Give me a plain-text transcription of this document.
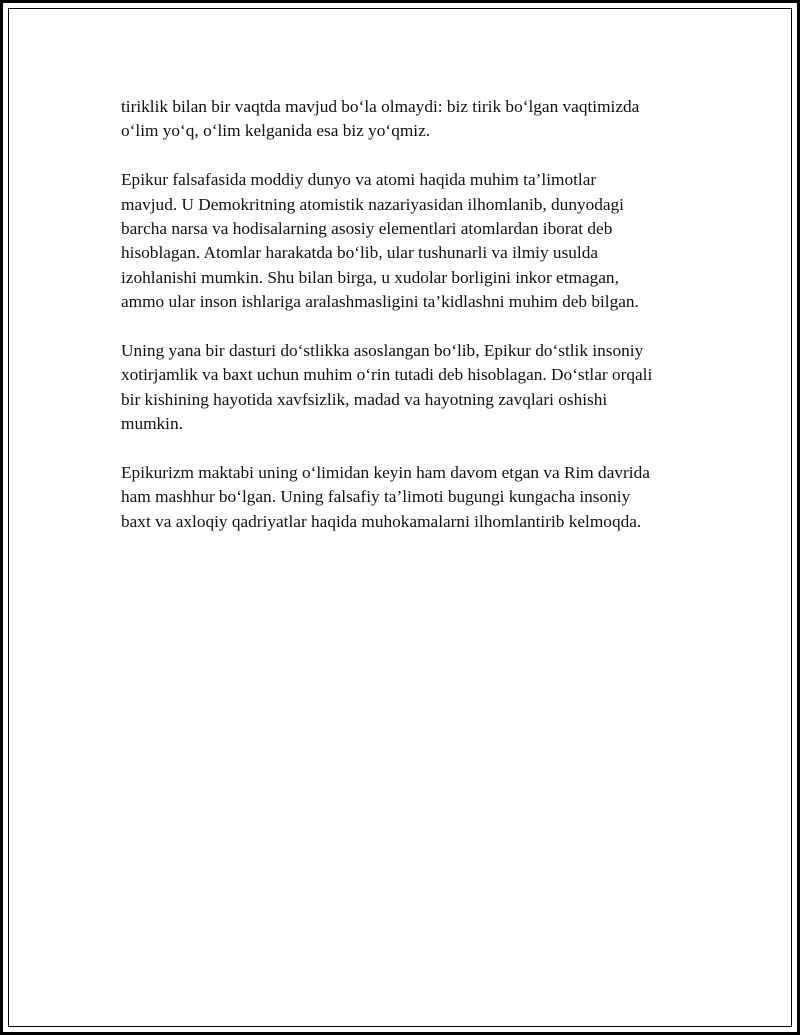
tiriklik bilan bir vaqtda mavjud bo‘la olmaydi: biz tirik bo‘lgan vaqtimizda
o‘lim yo‘q, o‘lim kelganida esa biz yo‘qmiz.

Epikur falsafasida moddiy dunyo va atomi haqida muhim ta’limotlar
mavjud. U Demokritning atomistik nazariyasidan ilhomlanib, dunyodagi
barcha narsa va hodisalarning asosiy elementlari atomlardan iborat deb
hisoblagan. Atomlar harakatda bo‘lib, ular tushunarli va ilmiy usulda
izohlanishi mumkin. Shu bilan birga, u xudolar borligini inkor etmagan,
ammo ular inson ishlariga aralashmasligini ta’kidlashni muhim deb bilgan.

Uning yana bir dasturi do‘stlikka asoslangan bo‘lib, Epikur do‘stlik insoniy
xotirjamlik va baxt uchun muhim o‘rin tutadi deb hisoblagan. Do‘stlar orqali
bir kishining hayotida xavfsizlik, madad va hayotning zavqlari oshishi
mumkin.

Epikurizm maktabi uning o‘limidan keyin ham davom etgan va Rim davrida
ham mashhur bo‘lgan. Uning falsafiy ta’limoti bugungi kungacha insoniy
baxt va axloqiy qadriyatlar haqida muhokamalarni ilhomlantirib kelmoqda.
